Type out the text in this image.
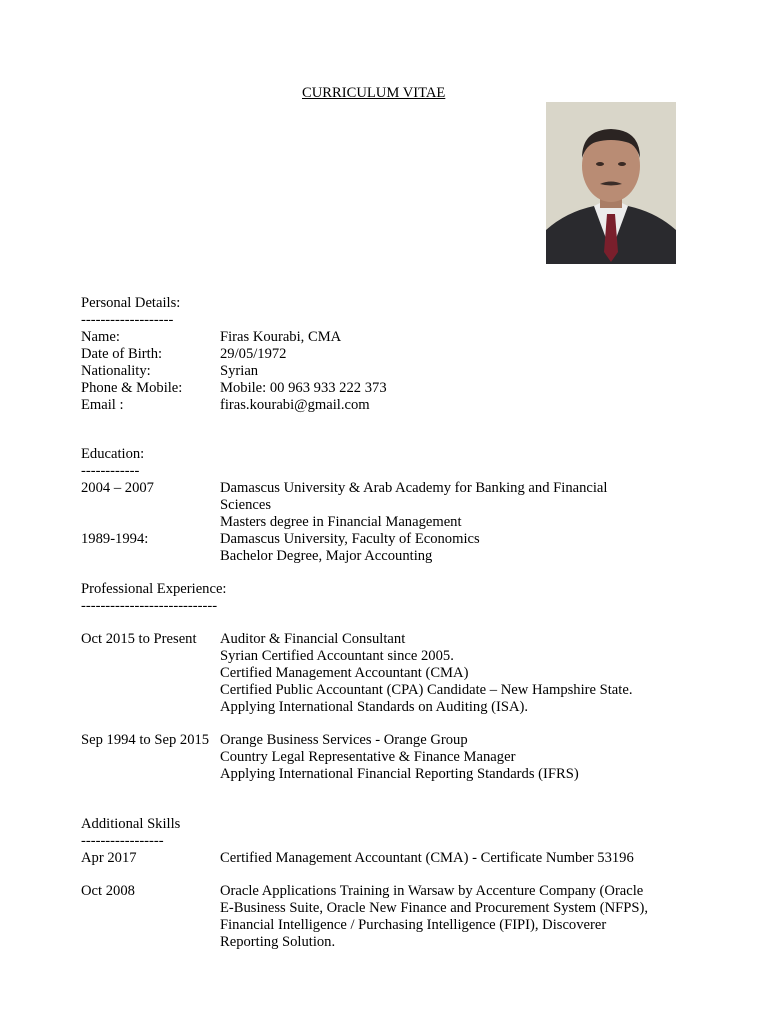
CURRICULUM VITAE
Personal Details:
-------------------
Name:	Firas Kourabi, CMA
Date of Birth:	29/05/1972
Nationality:	Syrian
Phone & Mobile:	Mobile: 00 963 933 222 373
Email :	firas.kourabi@gmail.com
Education:
------------
2004 – 2007	Damascus University & Arab Academy for Banking and Financial
Sciences
Masters degree in Financial Management
1989-1994:	Damascus University, Faculty of Economics
Bachelor Degree, Major Accounting
Professional Experience:
----------------------------
Oct 2015 to Present Auditor & Financial Consultant
Syrian Certified Accountant since 2005.
Certified Management Accountant (CMA)
Certified Public Accountant (CPA) Candidate – New Hampshire State.
Applying International Standards on Auditing (ISA).
Sep 1994 to Sep 2015 Orange Business Services - Orange Group
Country Legal Representative & Finance Manager
Applying International Financial Reporting Standards (IFRS)
Additional Skills
-----------------
Apr 2017	Certified Management Accountant (CMA) - Certificate Number 53196
Oct 2008	Oracle Applications Training in Warsaw by Accenture Company (Oracle
E-Business Suite, Oracle New Finance and Procurement System (NFPS),
Financial Intelligence / Purchasing Intelligence (FIPI), Discoverer
Reporting Solution.
